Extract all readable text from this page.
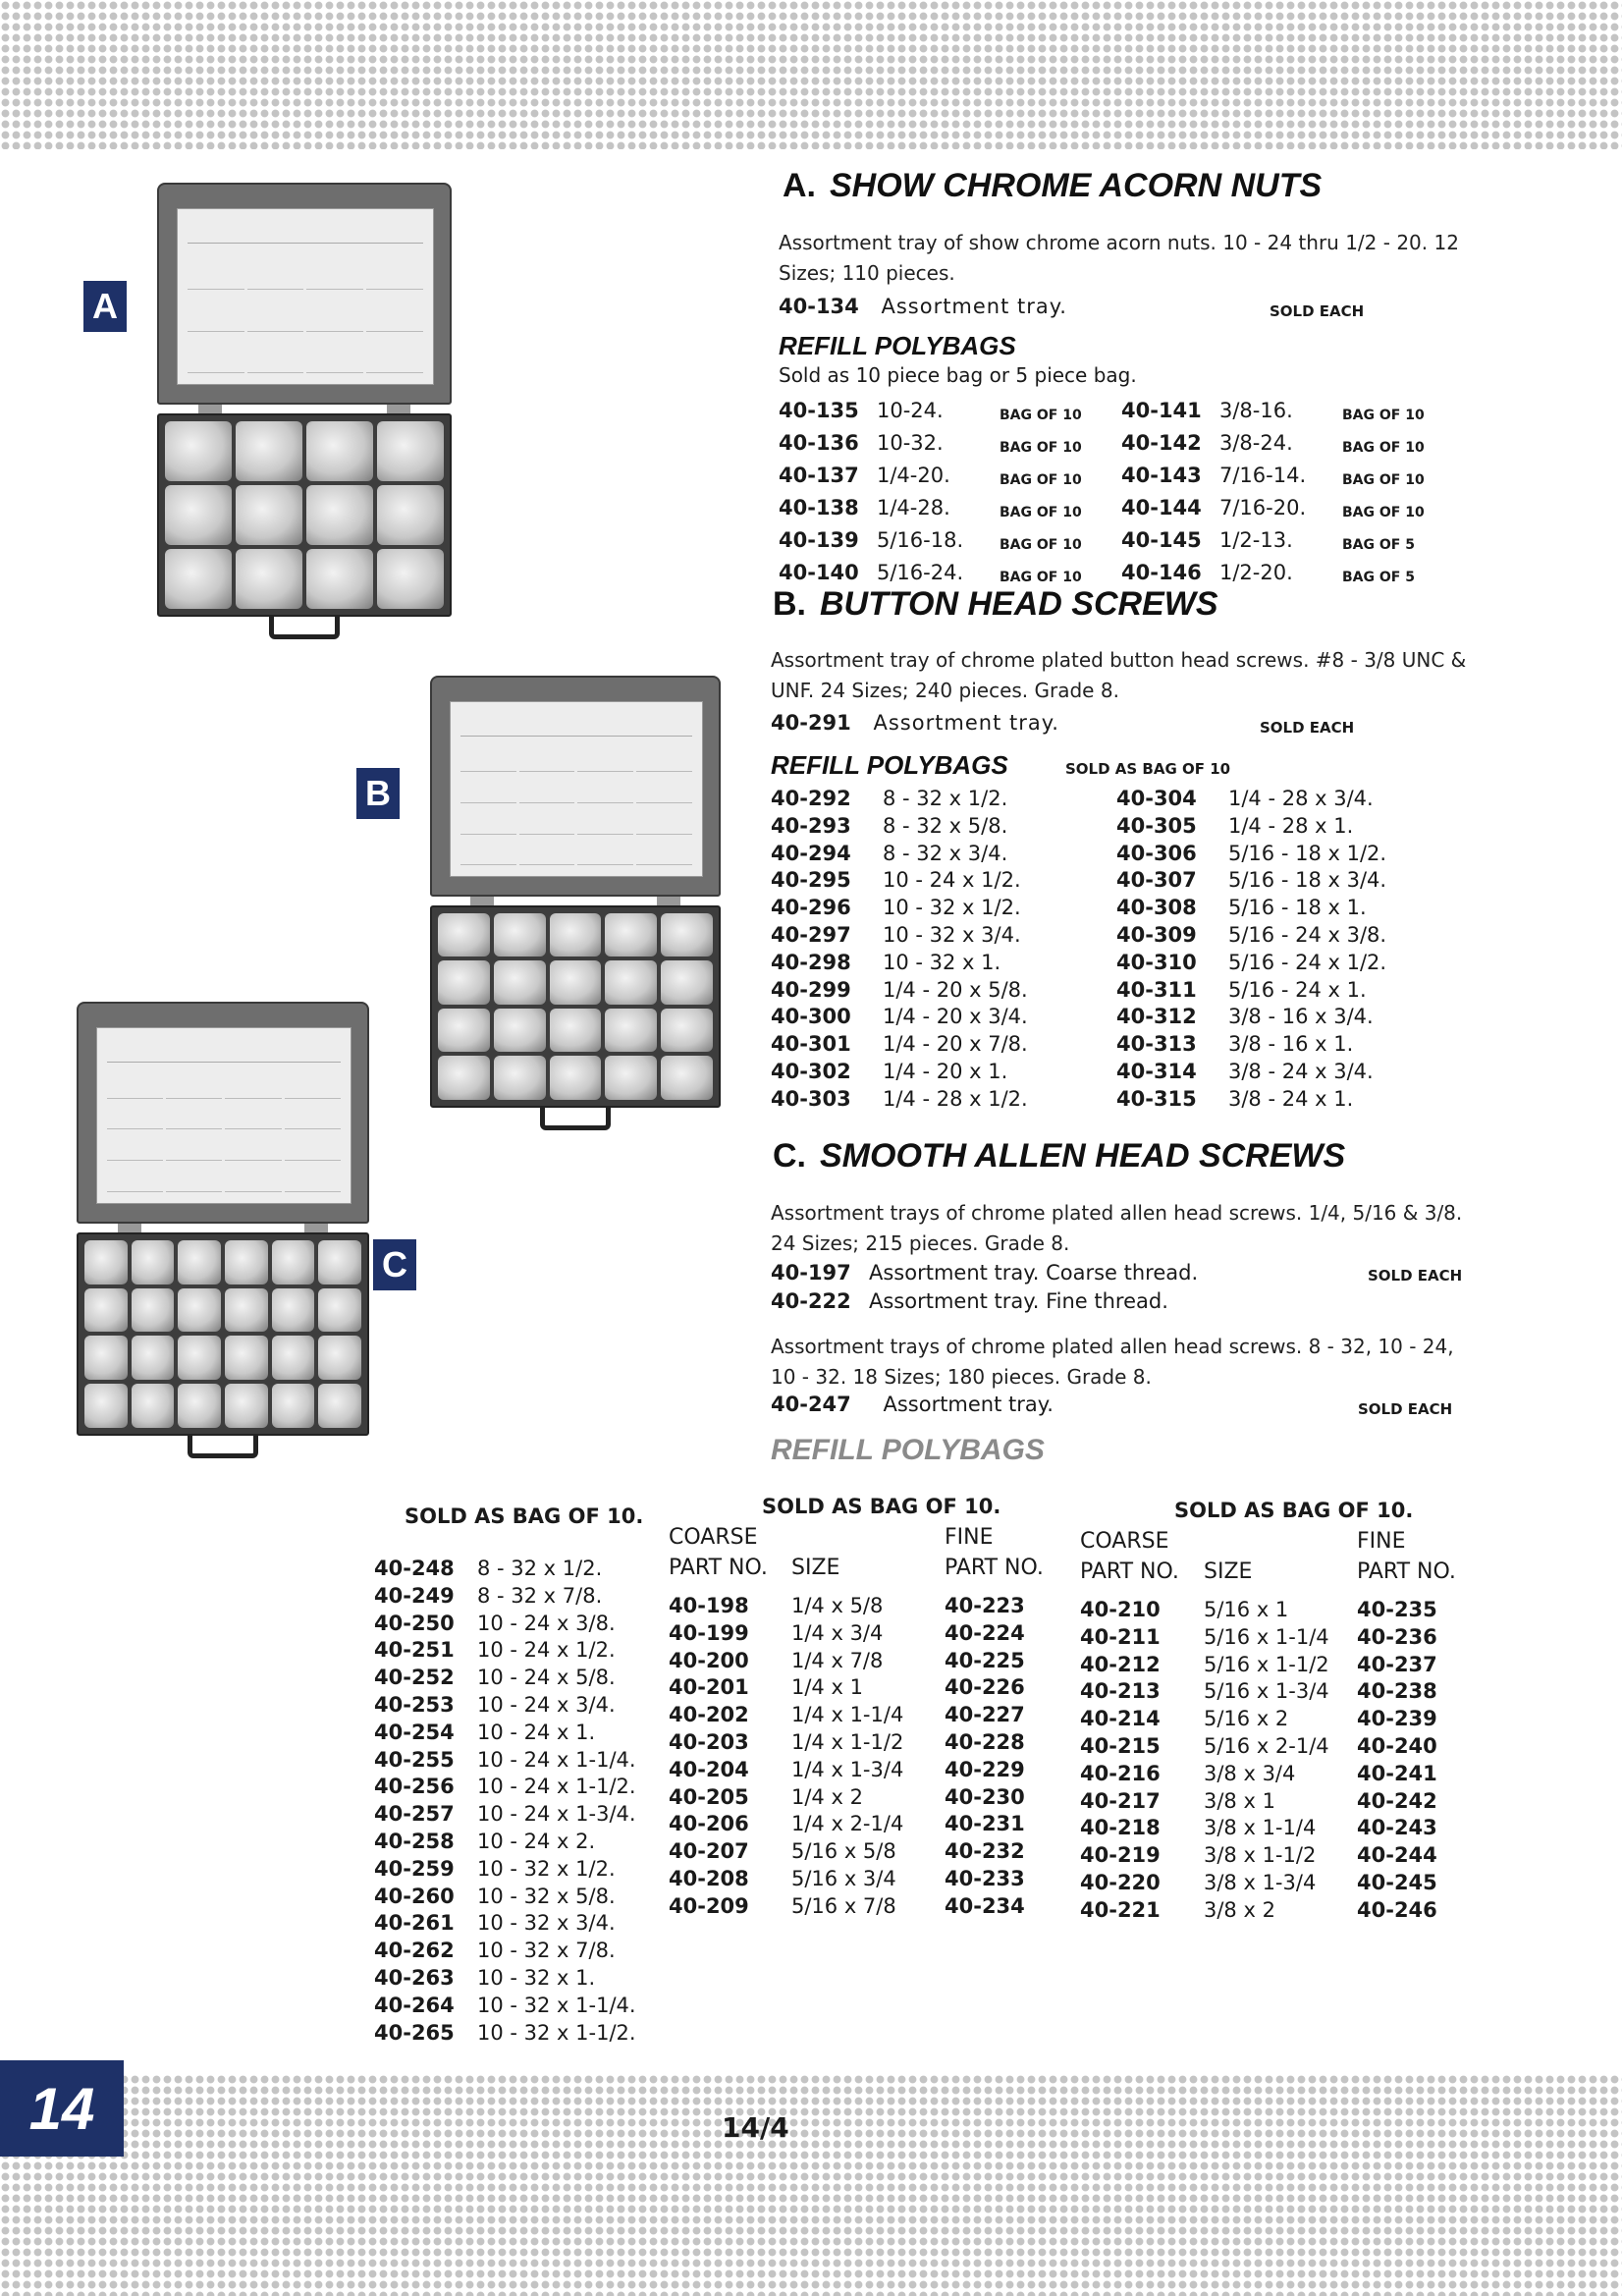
14	14/4
A
B
C
A. SHOW CHROME ACORN NUTS
Assortment tray of show chrome acorn nuts. 10 - 24 thru 1/2 - 20. 12 Sizes; 110 pieces.
40-134 Assortment tray.	SOLD EACH
REFILL POLYBAGS
Sold as 10 piece bag or 5 piece bag.
40-135 10-24.	BAG OF 10
40-136 10-32.	BAG OF 10
40-137 1/4-20.	BAG OF 10
40-138 1/4-28.	BAG OF 10
40-139 5/16-18.	BAG OF 10
40-140 5/16-24.	BAG OF 10
40-141 3/8-16.	BAG OF 10
40-142 3/8-24.	BAG OF 10
40-143 7/16-14.	BAG OF 10
40-144 7/16-20.	BAG OF 10
40-145 1/2-13.	BAG OF 5
40-146 1/2-20.	BAG OF 5
B. BUTTON HEAD SCREWS
Assortment tray of chrome plated button head screws. #8 - 3/8 UNC & UNF. 24 Sizes; 240 pieces. Grade 8.
40-291 Assortment tray.	SOLD EACH
REFILL POLYBAGS	SOLD AS BAG OF 10
40-292	8 - 32 x 1/2.
40-293	8 - 32 x 5/8.
40-294	8 - 32 x 3/4.
40-295	10 - 24 x 1/2.
40-296	10 - 32 x 1/2.
40-297	10 - 32 x 3/4.
40-298	10 - 32 x 1.
40-299	1/4 - 20 x 5/8.
40-300	1/4 - 20 x 3/4.
40-301	1/4 - 20 x 7/8.
40-302	1/4 - 20 x 1.
40-303	1/4 - 28 x 1/2.
40-304	1/4 - 28 x 3/4.
40-305	1/4 - 28 x 1.
40-306	5/16 - 18 x 1/2.
40-307	5/16 - 18 x 3/4.
40-308	5/16 - 18 x 1.
40-309	5/16 - 24 x 3/8.
40-310	5/16 - 24 x 1/2.
40-311	5/16 - 24 x 1.
40-312	3/8 - 16 x 3/4.
40-313	3/8 - 16 x 1.
40-314	3/8 - 24 x 3/4.
40-315	3/8 - 24 x 1.
C. SMOOTH ALLEN HEAD SCREWS
Assortment trays of chrome plated allen head screws. 1/4, 5/16 & 3/8. 24 Sizes; 215 pieces. Grade 8.
40-197 Assortment tray. Coarse thread.
40-222 Assortment tray. Fine thread.
SOLD EACH
Assortment trays of chrome plated allen head screws. 8 - 32, 10 - 24, 10 - 32. 18 Sizes; 180 pieces. Grade 8.
40-247 Assortment tray.	SOLD EACH
REFILL POLYBAGS
SOLD AS BAG OF 10.
40-248	8 - 32 x 1/2.
40-249	8 - 32 x 7/8.
40-250	10 - 24 x 3/8.
40-251	10 - 24 x 1/2.
40-252	10 - 24 x 5/8.
40-253	10 - 24 x 3/4.
40-254	10 - 24 x 1.
40-255	10 - 24 x 1-1/4.
40-256	10 - 24 x 1-1/2.
40-257	10 - 24 x 1-3/4.
40-258	10 - 24 x 2.
40-259	10 - 32 x 1/2.
40-260	10 - 32 x 5/8.
40-261	10 - 32 x 3/4.
40-262	10 - 32 x 7/8.
40-263	10 - 32 x 1.
40-264	10 - 32 x 1-1/4.
40-265	10 - 32 x 1-1/2.
SOLD AS BAG OF 10.
COARSE
PART NO. SIZE
FINE
PART NO.
40-198	1/4 x 5/8	40-223
40-199	1/4 x 3/4	40-224
40-200	1/4 x 7/8	40-225
40-201	1/4 x 1	40-226
40-202	1/4 x 1-1/4	40-227
40-203	1/4 x 1-1/2	40-228
40-204	1/4 x 1-3/4	40-229
40-205	1/4 x 2	40-230
40-206	1/4 x 2-1/4	40-231
40-207	5/16 x 5/8	40-232
40-208	5/16 x 3/4	40-233
40-209	5/16 x 7/8	40-234
SOLD AS BAG OF 10.
COARSE
PART NO. SIZE
FINE
PART NO.
40-210	5/16 x 1	40-235
40-211	5/16 x 1-1/4	40-236
40-212	5/16 x 1-1/2	40-237
40-213	5/16 x 1-3/4	40-238
40-214	5/16 x 2	40-239
40-215	5/16 x 2-1/4	40-240
40-216	3/8 x 3/4	40-241
40-217	3/8 x 1	40-242
40-218	3/8 x 1-1/4	40-243
40-219	3/8 x 1-1/2	40-244
40-220	3/8 x 1-3/4	40-245
40-221	3/8 x 2	40-246
